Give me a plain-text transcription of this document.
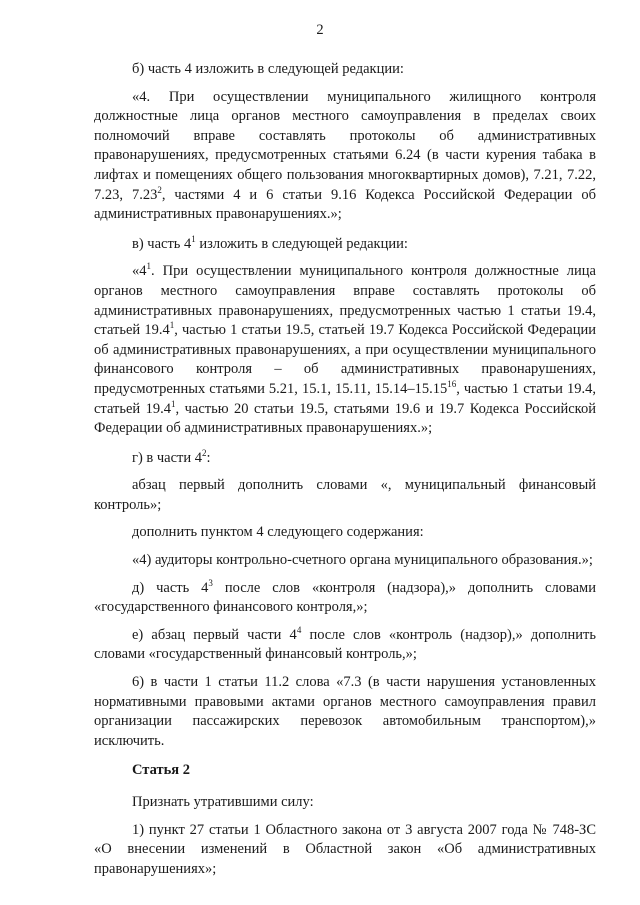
2

б) часть 4 изложить в следующей редакции:

«4. При осуществлении муниципального жилищного контроля должностные лица органов местного самоуправления в пределах своих полномочий вправе составлять протоколы об административных правонарушениях, предусмотренных статьями 6.24 (в части курения табака в лифтах и помещениях общего пользования многоквартирных домов), 7.21, 7.22, 7.23, 7.23$^2$, частями 4 и 6 статьи 9.16 Кодекса Российской Федерации об административных правонарушениях.»;

в) часть $4^1$ изложить в следующей редакции:

«$4^1$. При осуществлении муниципального контроля должностные лица органов местного самоуправления вправе составлять протоколы об административных правонарушениях, предусмотренных частью 1 статьи 19.4, статьей 19.4$^1$, частью 1 статьи 19.5, статьей 19.7 Кодекса Российской Федерации об административных правонарушениях, а при осуществлении муниципального финансового контроля – об административных правонарушениях, предусмотренных статьями 5.21, 15.1, 15.11, 15.14–15.15$^{16}$, частью 1 статьи 19.4, статьей 19.4$^1$, частью 20 статьи 19.5, статьями 19.6 и 19.7 Кодекса Российской Федерации об административных правонарушениях.»;

г) в части $4^2$:

абзац первый дополнить словами «, муниципальный финансовый контроль»;

дополнить пунктом 4 следующего содержания:

«4) аудиторы контрольно-счетного органа муниципального образования.»;

д) часть $4^3$ после слов «контроля (надзора),» дополнить словами «государственного финансового контроля,»;

е) абзац первый части $4^4$ после слов «контроль (надзор),» дополнить словами «государственный финансовый контроль,»;

6) в части 1 статьи 11.2 слова «7.3 (в части нарушения установленных нормативными правовыми актами органов местного самоуправления правил организации пассажирских перевозок автомобильным транспортом),» исключить.

Статья 2

Признать утратившими силу:

1) пункт 27 статьи 1 Областного закона от 3 августа 2007 года № 748-ЗС «О внесении изменений в Областной закон «Об административных правонарушениях»;
